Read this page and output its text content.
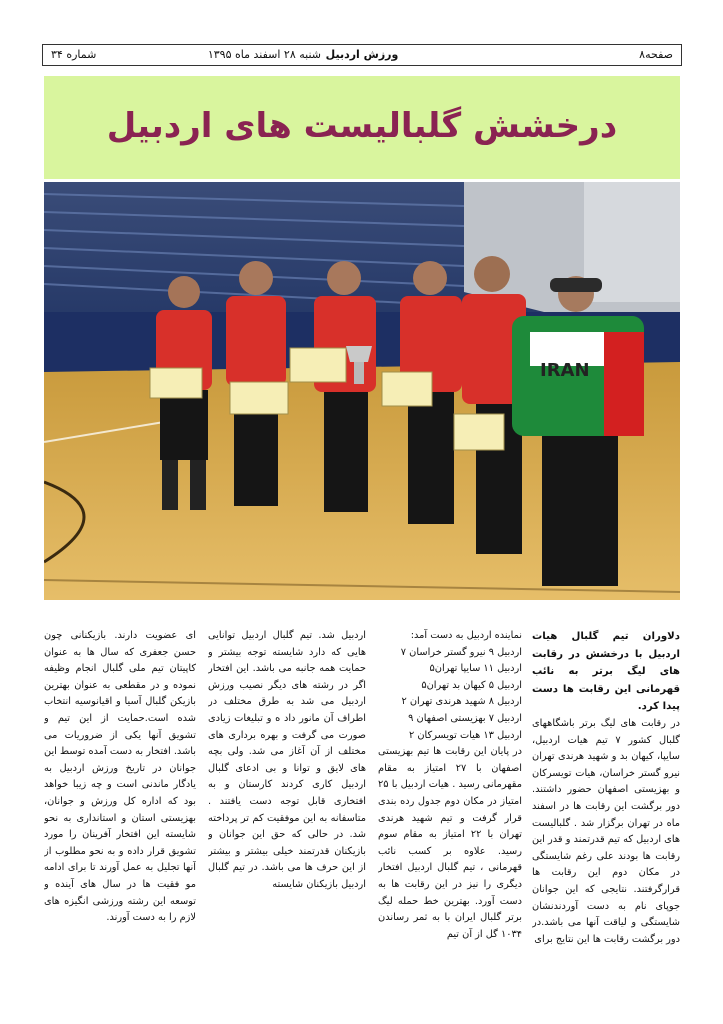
صفحه۸
ورزش اردبیل
شنبه ۲۸ اسفند ماه ۱۳۹۵
شماره ۳۴
درخشش گلبالیست های اردبیل
IRAN

دلاوران تیم گلبال هیات اردبیل با درخشش در رقابت های لیگ برتر به نائب قهرمانی این رقابت ها دست پیدا کرد.

در رقابت های لیگ برتر باشگاههای گلبال کشور ۷ تیم هیات اردبیل، سایپا، کیهان بد و شهید هرندی تهران نیرو گستر خراسان، هیات تویسرکان و بهزیستی اصفهان حضور داشتند. دور برگشت این رقابت ها در اسفند ماه در تهران برگزار شد . گلبالیست های اردبیل که تیم قدرتمند و قدر این رقابت ها بودند علی رغم شایستگی در مکان دوم این رقابت ها قرارگرفتند. نتایجی که این جوانان جوپای نام به دست آوردندنشان شایستگی و لیاقت آنها می باشد.در دور برگشت رقابت ها این نتایج برای

نماینده اردبیل به دست آمد:

اردبیل ۹ نیرو گستر خراسان ۷
اردبیل ۱۱ سایپا تهران۵
اردبیل ۵ کیهان بد تهران۵
اردبیل ۸ شهید هرندی تهران ۲
اردبیل ۷ بهزیستی اصفهان ۹
اردبیل ۱۳ هیات تویسرکان ۲

در پایان این رقابت ها تیم بهزیستی اصفهان با ۲۷ امتیاز به مقام مقهرمانی رسید . هیات اردبیل با ۲۵ امتیاز در مکان دوم جدول رده بندی قرار گرفت و تیم شهید هرندی تهران با ۲۲ امتیاز به مقام سوم رسید. علاوه بر کسب نائب قهرمانی ، تیم گلبال اردبیل افتخار دیگری را نیز در این رقابت ها به دست آورد. بهترین خط حمله لیگ برتر گلبال ایران با به ثمر رساندن ۱۰۳۴ گل از آن تیم

اردبیل شد. تیم گلبال اردبیل توانایی هایی که دارد شایسته توجه بیشتر و حمایت همه جانبه می باشد. این افتخار اگر در رشته های دیگر نصیب ورزش اردبیل می شد به طرق مختلف در اطراف آن مانور داد ه و تبلیغات زیادی صورت می گرفت و بهره برداری های مختلف از آن آغاز می شد. ولی بچه های لایق و توانا و بی ادعای گلبال اردبیل کاری کردند کارستان و به افتخاری قابل توجه دست یافتند . متاسفانه به این موفقیت کم تر پرداخته شد. در حالی که حق این جوانان و بازیکنان قدرتمند خیلی بیشتر و بیشتر از این حرف ها می باشد. در تیم گلبال اردبیل بازیکنان شایسته

ای عضویت دارند. بازیکنانی چون حسن جعفری که سال ها به عنوان کاپیتان تیم ملی گلبال انجام وظیفه نموده و در مقطعی به عنوان بهترین بازیکن گلبال آسیا و اقیانوسیه انتخاب شده است.حمایت از این تیم و تشویق آنها یکی از ضروریات می باشد. افتخار به دست آمده توسط این جوانان در تاریخ ورزش اردبیل به یادگار ماندنی است و چه زیبا خواهد بود که اداره کل ورزش و جوانان، بهزیستی استان و استانداری به نحو شایسته این افتخار آفرینان را مورد تشویق قرار داده و به نحو مطلوب از آنها تجلیل به عمل آورند تا برای ادامه مو فقیت ها در سال های آینده و توسعه این رشته ورزشی انگیزه های لازم را به دست آورند.
